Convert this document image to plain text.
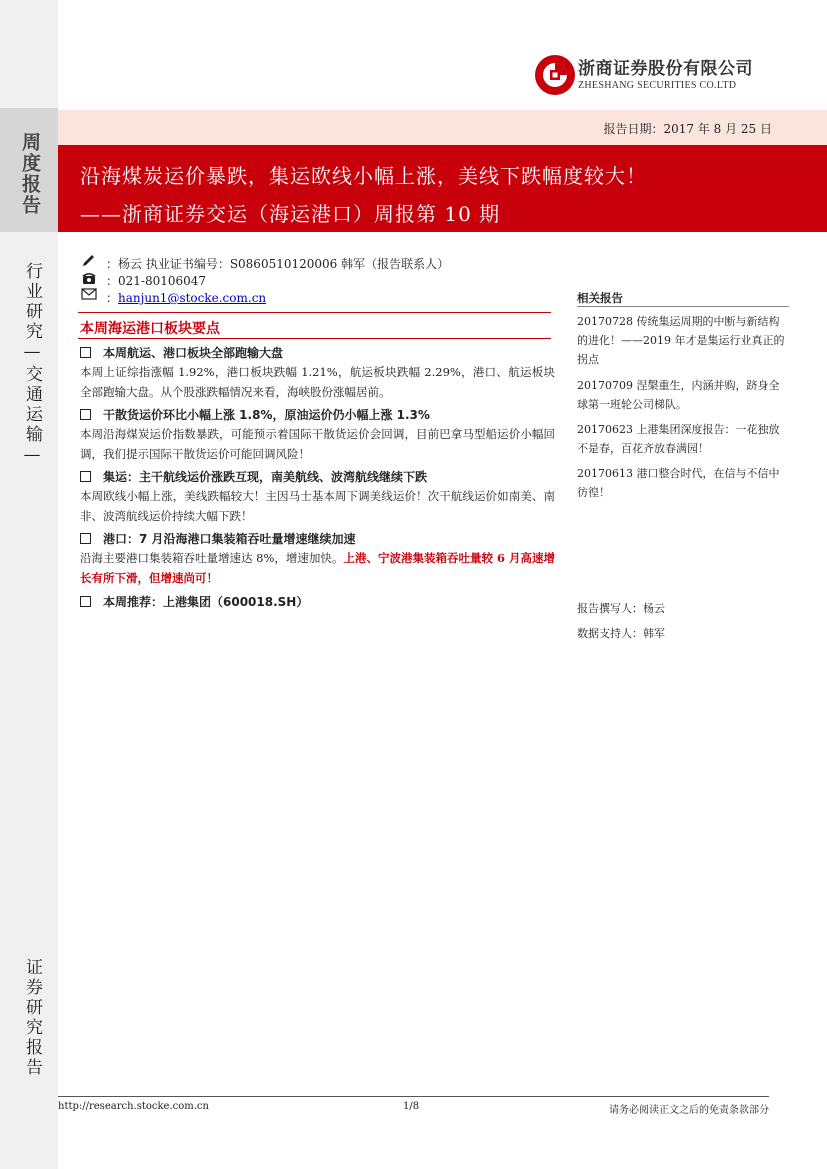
周度报告
行业研究—交通运输—
证券研究报告
浙商证券股份有限公司
ZHESHANG SECURITIES CO.LTD
报告日期：2017 年 8 月 25 日
沿海煤炭运价暴跌，集运欧线小幅上涨，美线下跌幅度较大！
——浙商证券交运（海运港口）周报第 10 期
：杨云 执业证书编号：S0860510120006 韩军（报告联系人）
：021-80106047
：hanjun1@stocke.com.cn
本周海运港口板块要点
本周航运、港口板块全部跑输大盘
本周上证综指涨幅 1.92%，港口板块跌幅 1.21%，航运板块跌幅 2.29%，港口、航运板块全部跑输大盘。从个股涨跌幅情况来看，海峡股份涨幅居前。
干散货运价环比小幅上涨 1.8%，原油运价仍小幅上涨 1.3%
本周沿海煤炭运价指数暴跌，可能预示着国际干散货运价会回调，目前巴拿马型船运价小幅回调，我们提示国际干散货运价可能回调风险！
集运：主干航线运价涨跌互现，南美航线、波湾航线继续下跌
本周欧线小幅上涨，美线跌幅较大！主因马士基本周下调美线运价！次干航线运价如南美、南非、波湾航线运价持续大幅下跌！
港口：7 月沿海港口集装箱吞吐量增速继续加速
沿海主要港口集装箱吞吐量增速达 8%，增速加快。上港、宁波港集装箱吞吐量较 6 月高速增长有所下滑，但增速尚可！
本周推荐：上港集团（600018.SH）
相关报告
20170728 传统集运周期的中断与新结构的进化！——2019 年才是集运行业真正的拐点
20170709 涅槃重生，内涵并购，跻身全球第一班轮公司梯队。
20170623 上港集团深度报告：一花独放不是春，百花齐放春满园！
20170613 港口整合时代，在信与不信中彷徨！
报告撰写人：杨云
数据支持人：韩军
http://research.stocke.com.cn	1/8	请务必阅读正文之后的免责条款部分
